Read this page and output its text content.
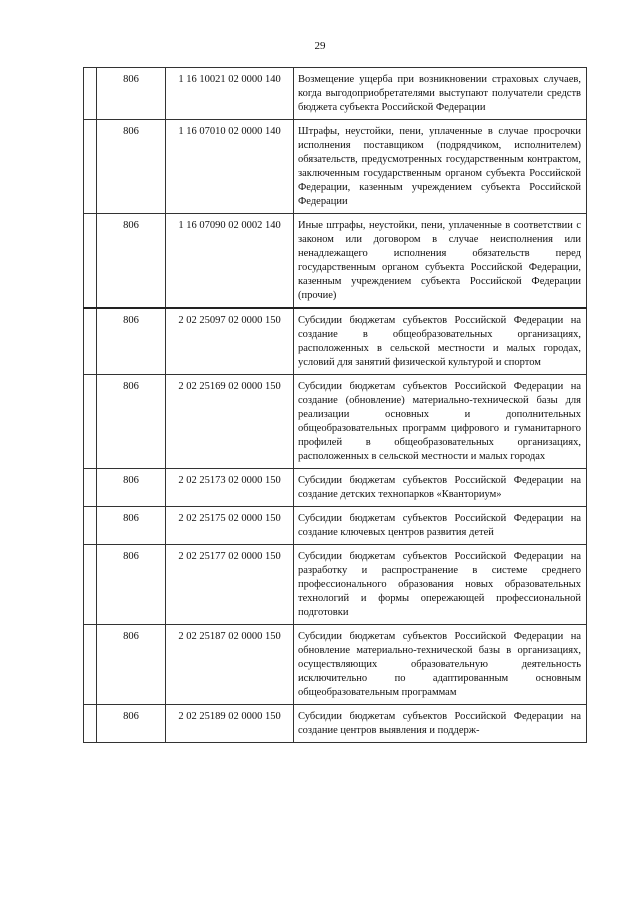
29
	806	1 16 10021 02 0000 140	Возмещение ущерба при возникновении страховых случаев, когда выгодоприобретателями выступают получатели средств бюджета субъекта Российской Федерации
	806	1 16 07010 02 0000 140	Штрафы, неустойки, пени, уплаченные в случае просрочки исполнения поставщиком (подрядчиком, исполнителем) обязательств, предусмотренных государственным контрактом, заключенным государственным органом субъекта Российской Федерации, казенным учреждением субъекта Российской Федерации
	806	1 16 07090 02 0002 140	Иные штрафы, неустойки, пени, уплаченные в соответствии с законом или договором в случае неисполнения или ненадлежащего исполнения обязательств перед государственным органом субъекта Российской Федерации, казенным учреждением субъекта Российской Федерации (прочие)
	806	2 02 25097 02 0000 150	Субсидии бюджетам субъектов Российской Федерации на создание в общеобразовательных организациях, расположенных в сельской местности и малых городах, условий для занятий физической культурой и спортом
	806	2 02 25169 02 0000 150	Субсидии бюджетам субъектов Российской Федерации на создание (обновление) материально-технической базы для реализации основных и дополнительных общеобразовательных программ цифрового и гуманитарного профилей в общеобразовательных организациях, расположенных в сельской местности и малых городах
	806	2 02 25173 02 0000 150	Субсидии бюджетам субъектов Российской Федерации на создание детских технопарков «Кванториум»
	806	2 02 25175 02 0000 150	Субсидии бюджетам субъектов Российской Федерации на создание ключевых центров развития детей
	806	2 02 25177 02 0000 150	Субсидии бюджетам субъектов Российской Федерации на разработку и распространение в системе среднего профессионального образования новых образовательных технологий и формы опережающей профессиональной подготовки
	806	2 02 25187 02 0000 150	Субсидии бюджетам субъектов Российской Федерации на обновление материально-технической базы в организациях, осуществляющих образовательную деятельность исключительно по адаптированным основным общеобразовательным программам
	806	2 02 25189 02 0000 150	Субсидии бюджетам субъектов Российской Федерации на создание центров выявления и поддерж-
